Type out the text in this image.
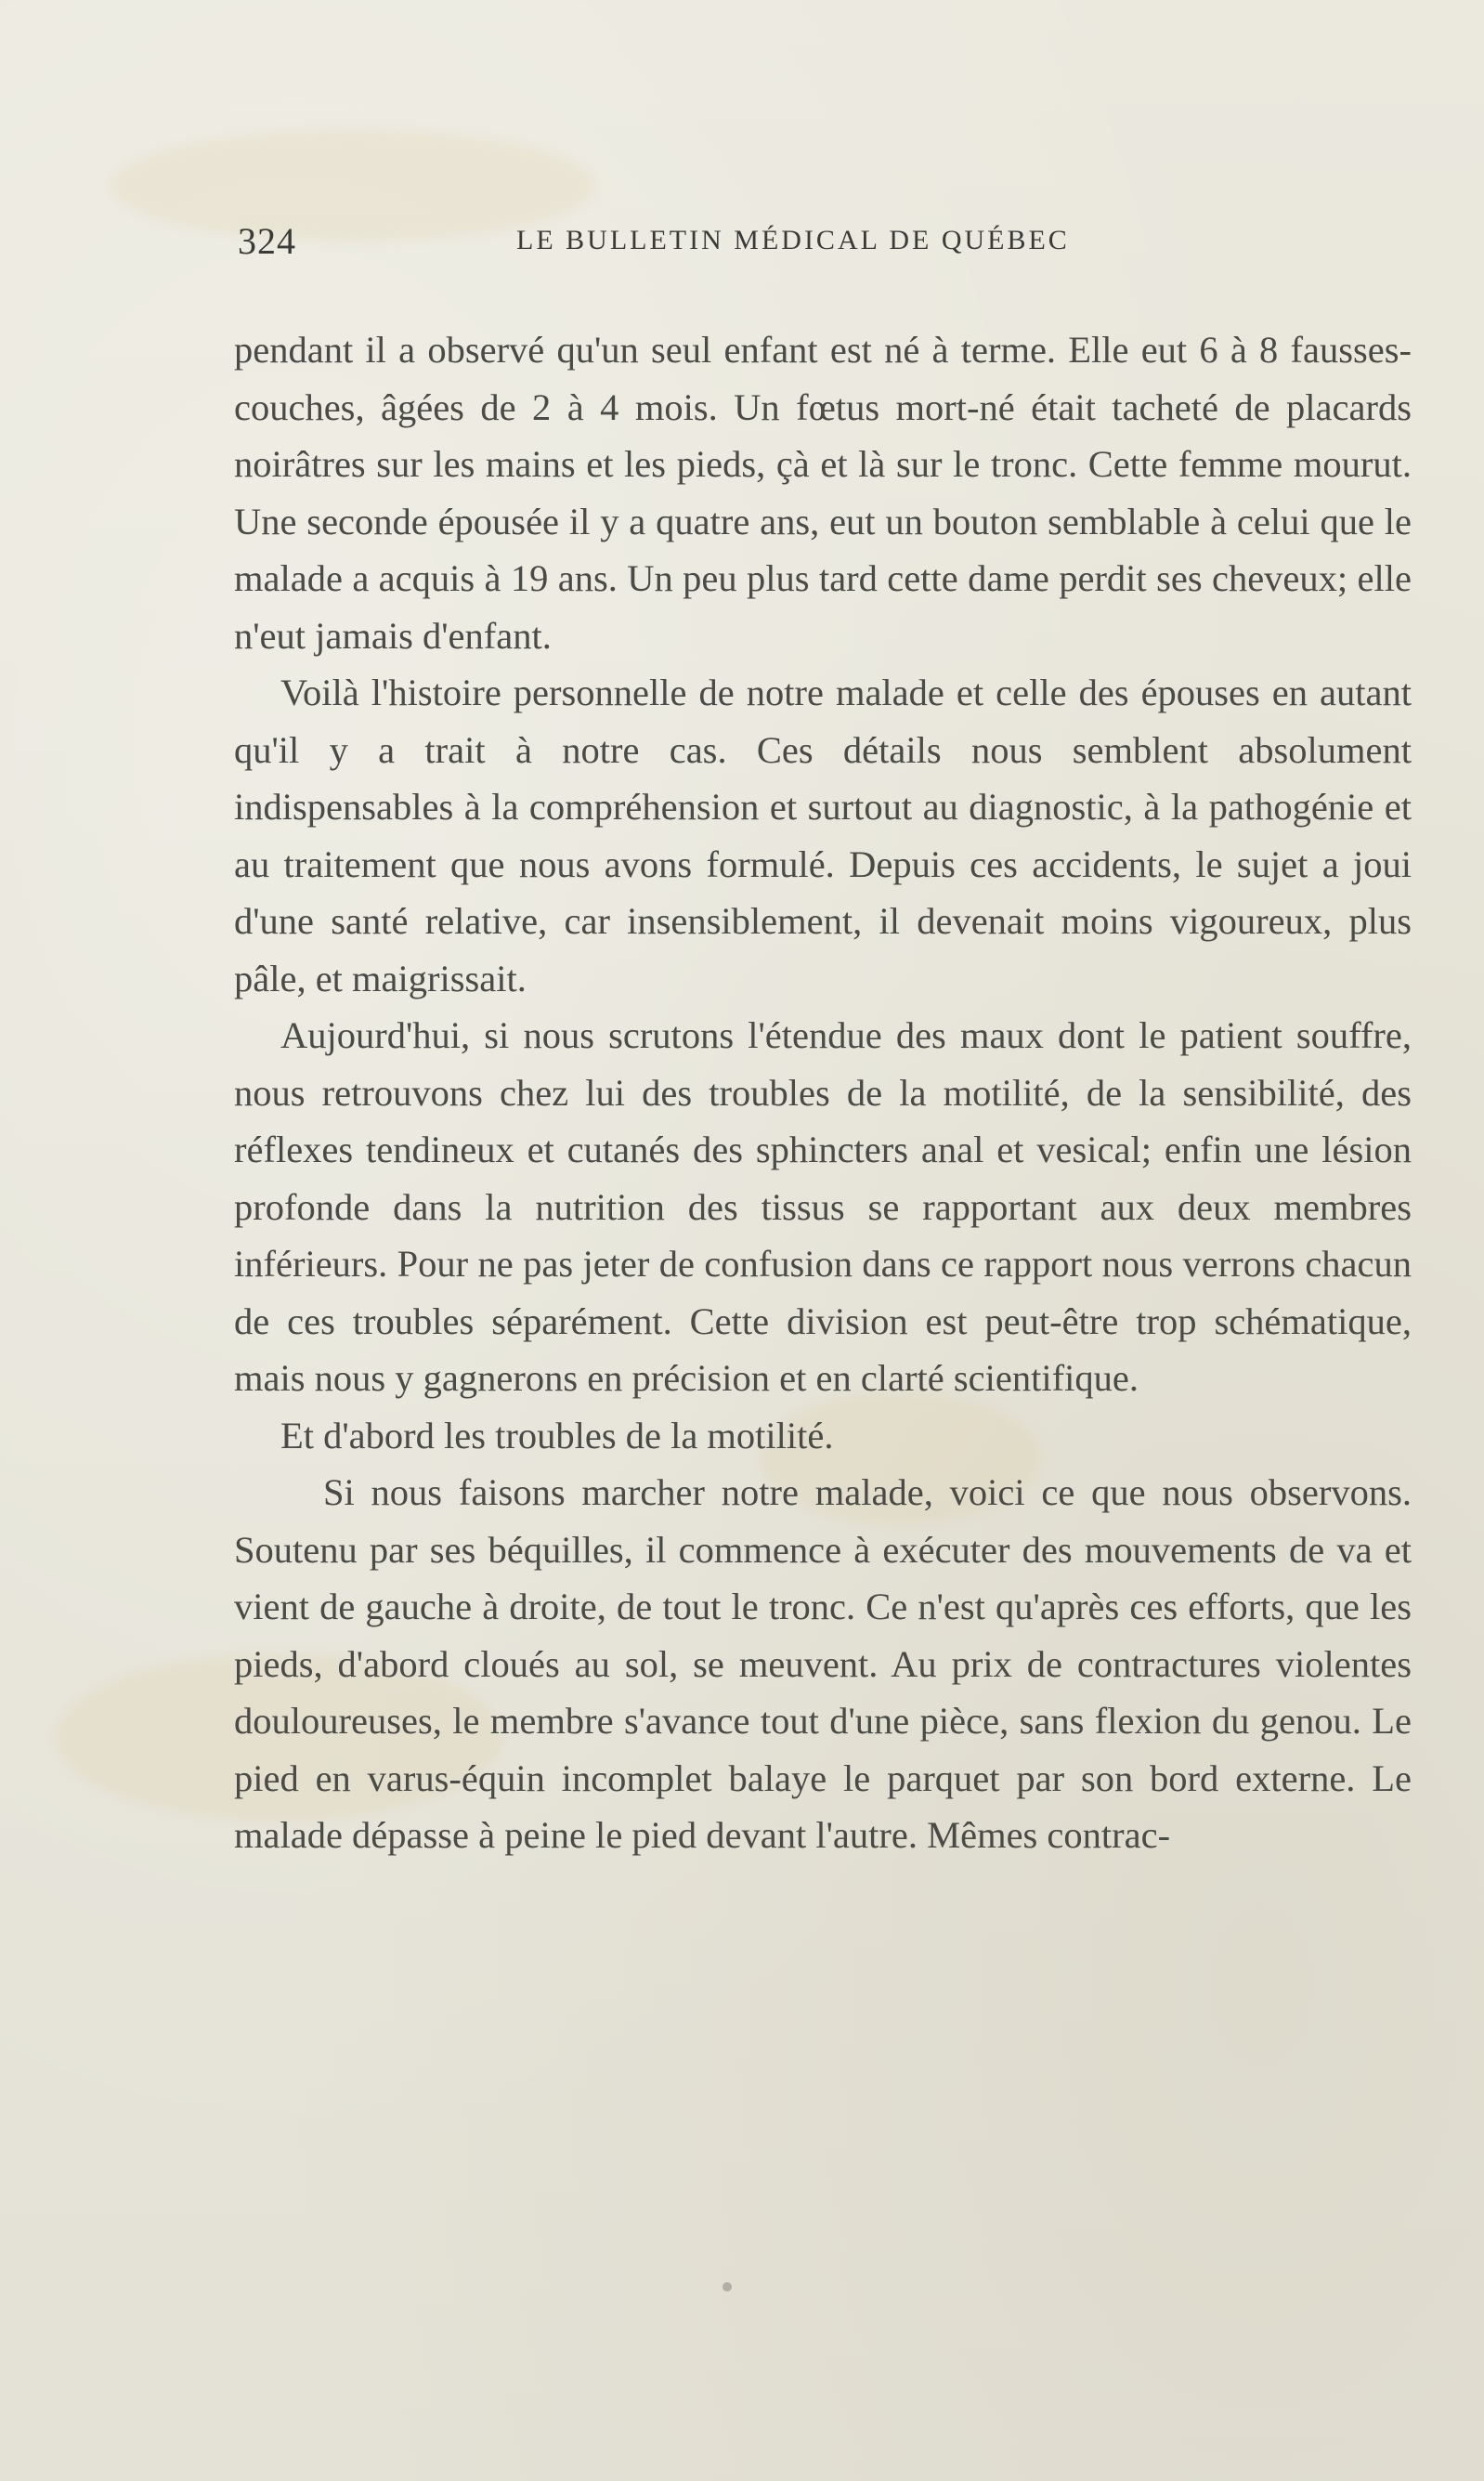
324	LE BULLETIN MÉDICAL DE QUÉBEC

pendant il a observé qu'un seul enfant est né à terme. Elle eut 6 à 8 fausses-couches, âgées de 2 à 4 mois. Un fœtus mort-né était tacheté de placards noirâtres sur les mains et les pieds, çà et là sur le tronc. Cette femme mourut. Une seconde épousée il y a quatre ans, eut un bouton semblable à celui que le malade a acquis à 19 ans. Un peu plus tard cette dame perdit ses cheveux; elle n'eut jamais d'enfant.

Voilà l'histoire personnelle de notre malade et celle des épouses en autant qu'il y a trait à notre cas. Ces détails nous semblent absolument indispensables à la compréhension et surtout au diagnostic, à la pathogénie et au traitement que nous avons formulé. Depuis ces accidents, le sujet a joui d'une santé relative, car insensiblement, il devenait moins vigoureux, plus pâle, et maigrissait.

Aujourd'hui, si nous scrutons l'étendue des maux dont le patient souffre, nous retrouvons chez lui des troubles de la motilité, de la sensibilité, des réflexes tendineux et cutanés des sphincters anal et vesical; enfin une lésion profonde dans la nutrition des tissus se rapportant aux deux membres inférieurs. Pour ne pas jeter de confusion dans ce rapport nous verrons chacun de ces troubles séparément. Cette division est peut-être trop schématique, mais nous y gagnerons en précision et en clarté scientifique.

Et d'abord les troubles de la motilité.

Si nous faisons marcher notre malade, voici ce que nous observons. Soutenu par ses béquilles, il commence à exécuter des mouvements de va et vient de gauche à droite, de tout le tronc. Ce n'est qu'après ces efforts, que les pieds, d'abord cloués au sol, se meuvent. Au prix de contractures violentes douloureuses, le membre s'avance tout d'une pièce, sans flexion du genou. Le pied en varus-équin incomplet balaye le parquet par son bord externe. Le malade dépasse à peine le pied devant l'autre. Mêmes contrac-
